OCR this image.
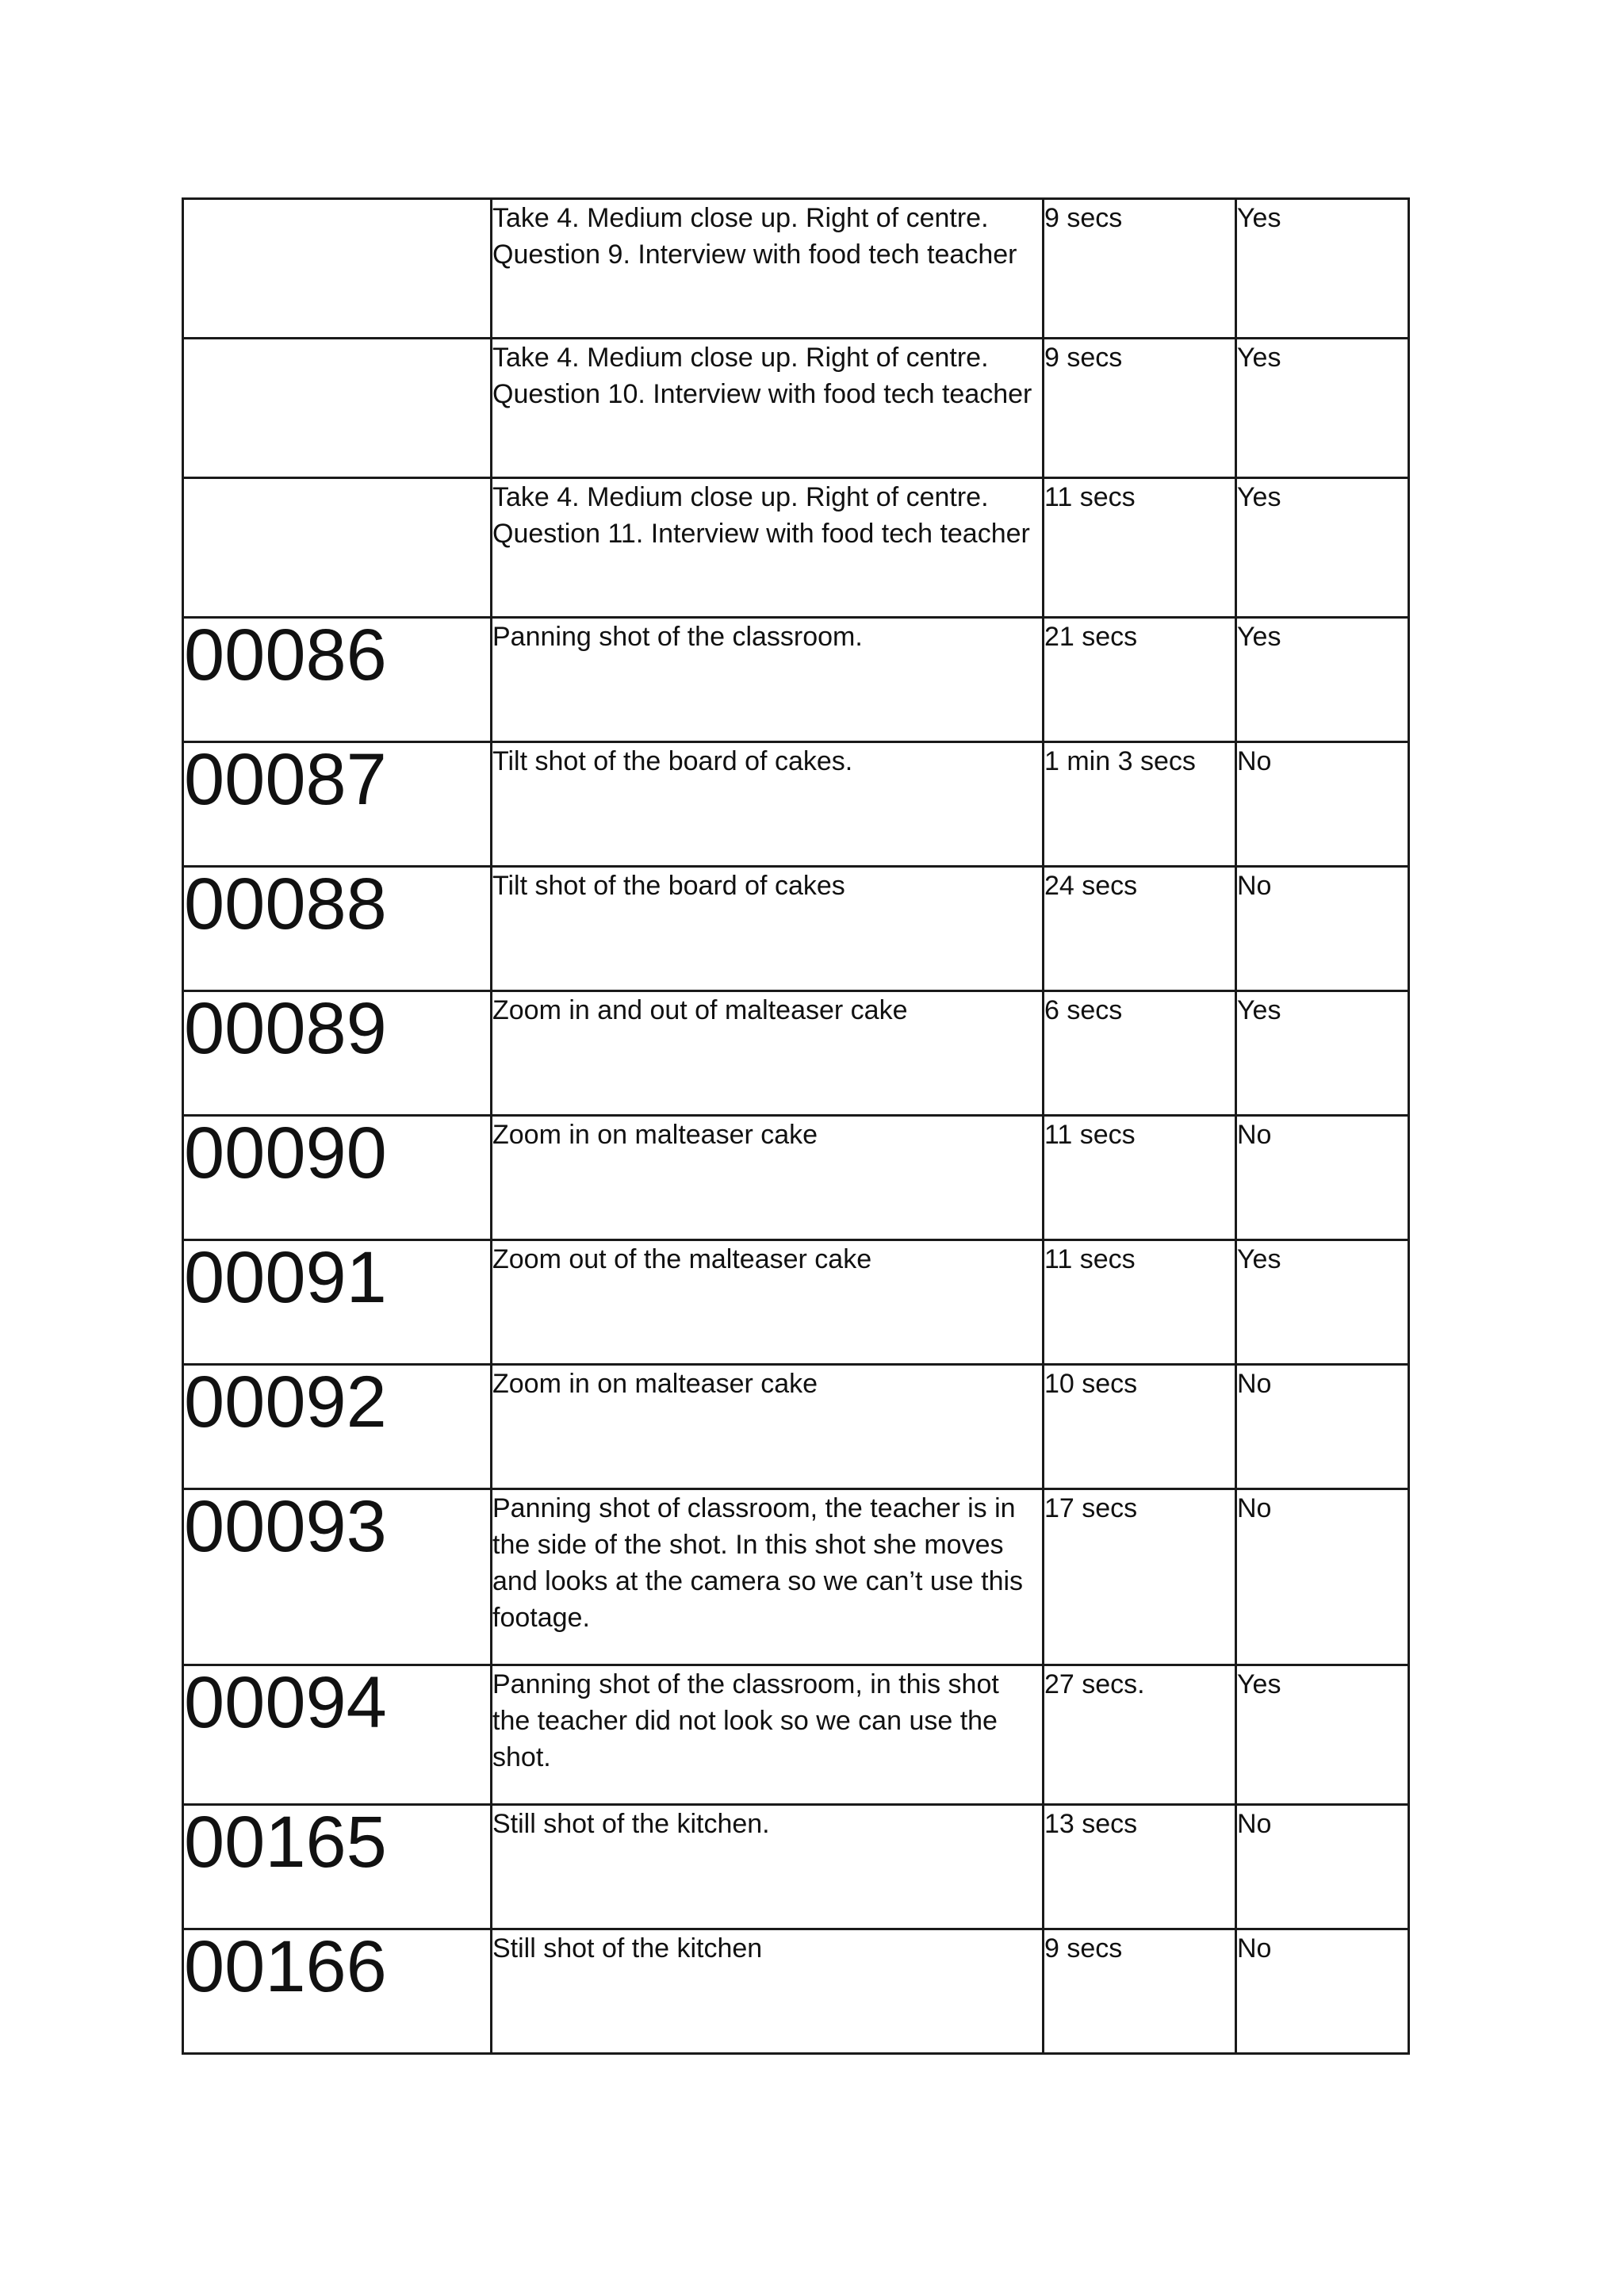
	Take 4. Medium close up. Right of centre. Question 9. Interview with food tech teacher	9 secs	Yes
	Take 4. Medium close up. Right of centre. Question 10. Interview with food tech teacher	9 secs	Yes
	Take 4. Medium close up. Right of centre. Question 11. Interview with food tech teacher	11 secs	Yes
00086	Panning shot of the classroom.	21 secs	Yes
00087	Tilt shot of the board of cakes.	1 min 3 secs	No
00088	Tilt shot of the board of cakes	24 secs	No
00089	Zoom in and out of malteaser cake	6 secs	Yes
00090	Zoom in on malteaser cake	11 secs	No
00091	Zoom out of the malteaser cake	11 secs	Yes
00092	Zoom in on malteaser cake	10 secs	No
00093	Panning shot of classroom, the teacher is in the side of the shot. In this shot she moves and looks at the camera so we can’t use this footage.	17 secs	No
00094	Panning shot of the classroom, in this shot the teacher did not look so we can use the shot.	27 secs.	Yes
00165	Still shot of the kitchen.	13 secs	No
00166	Still shot of the kitchen	9 secs	No
